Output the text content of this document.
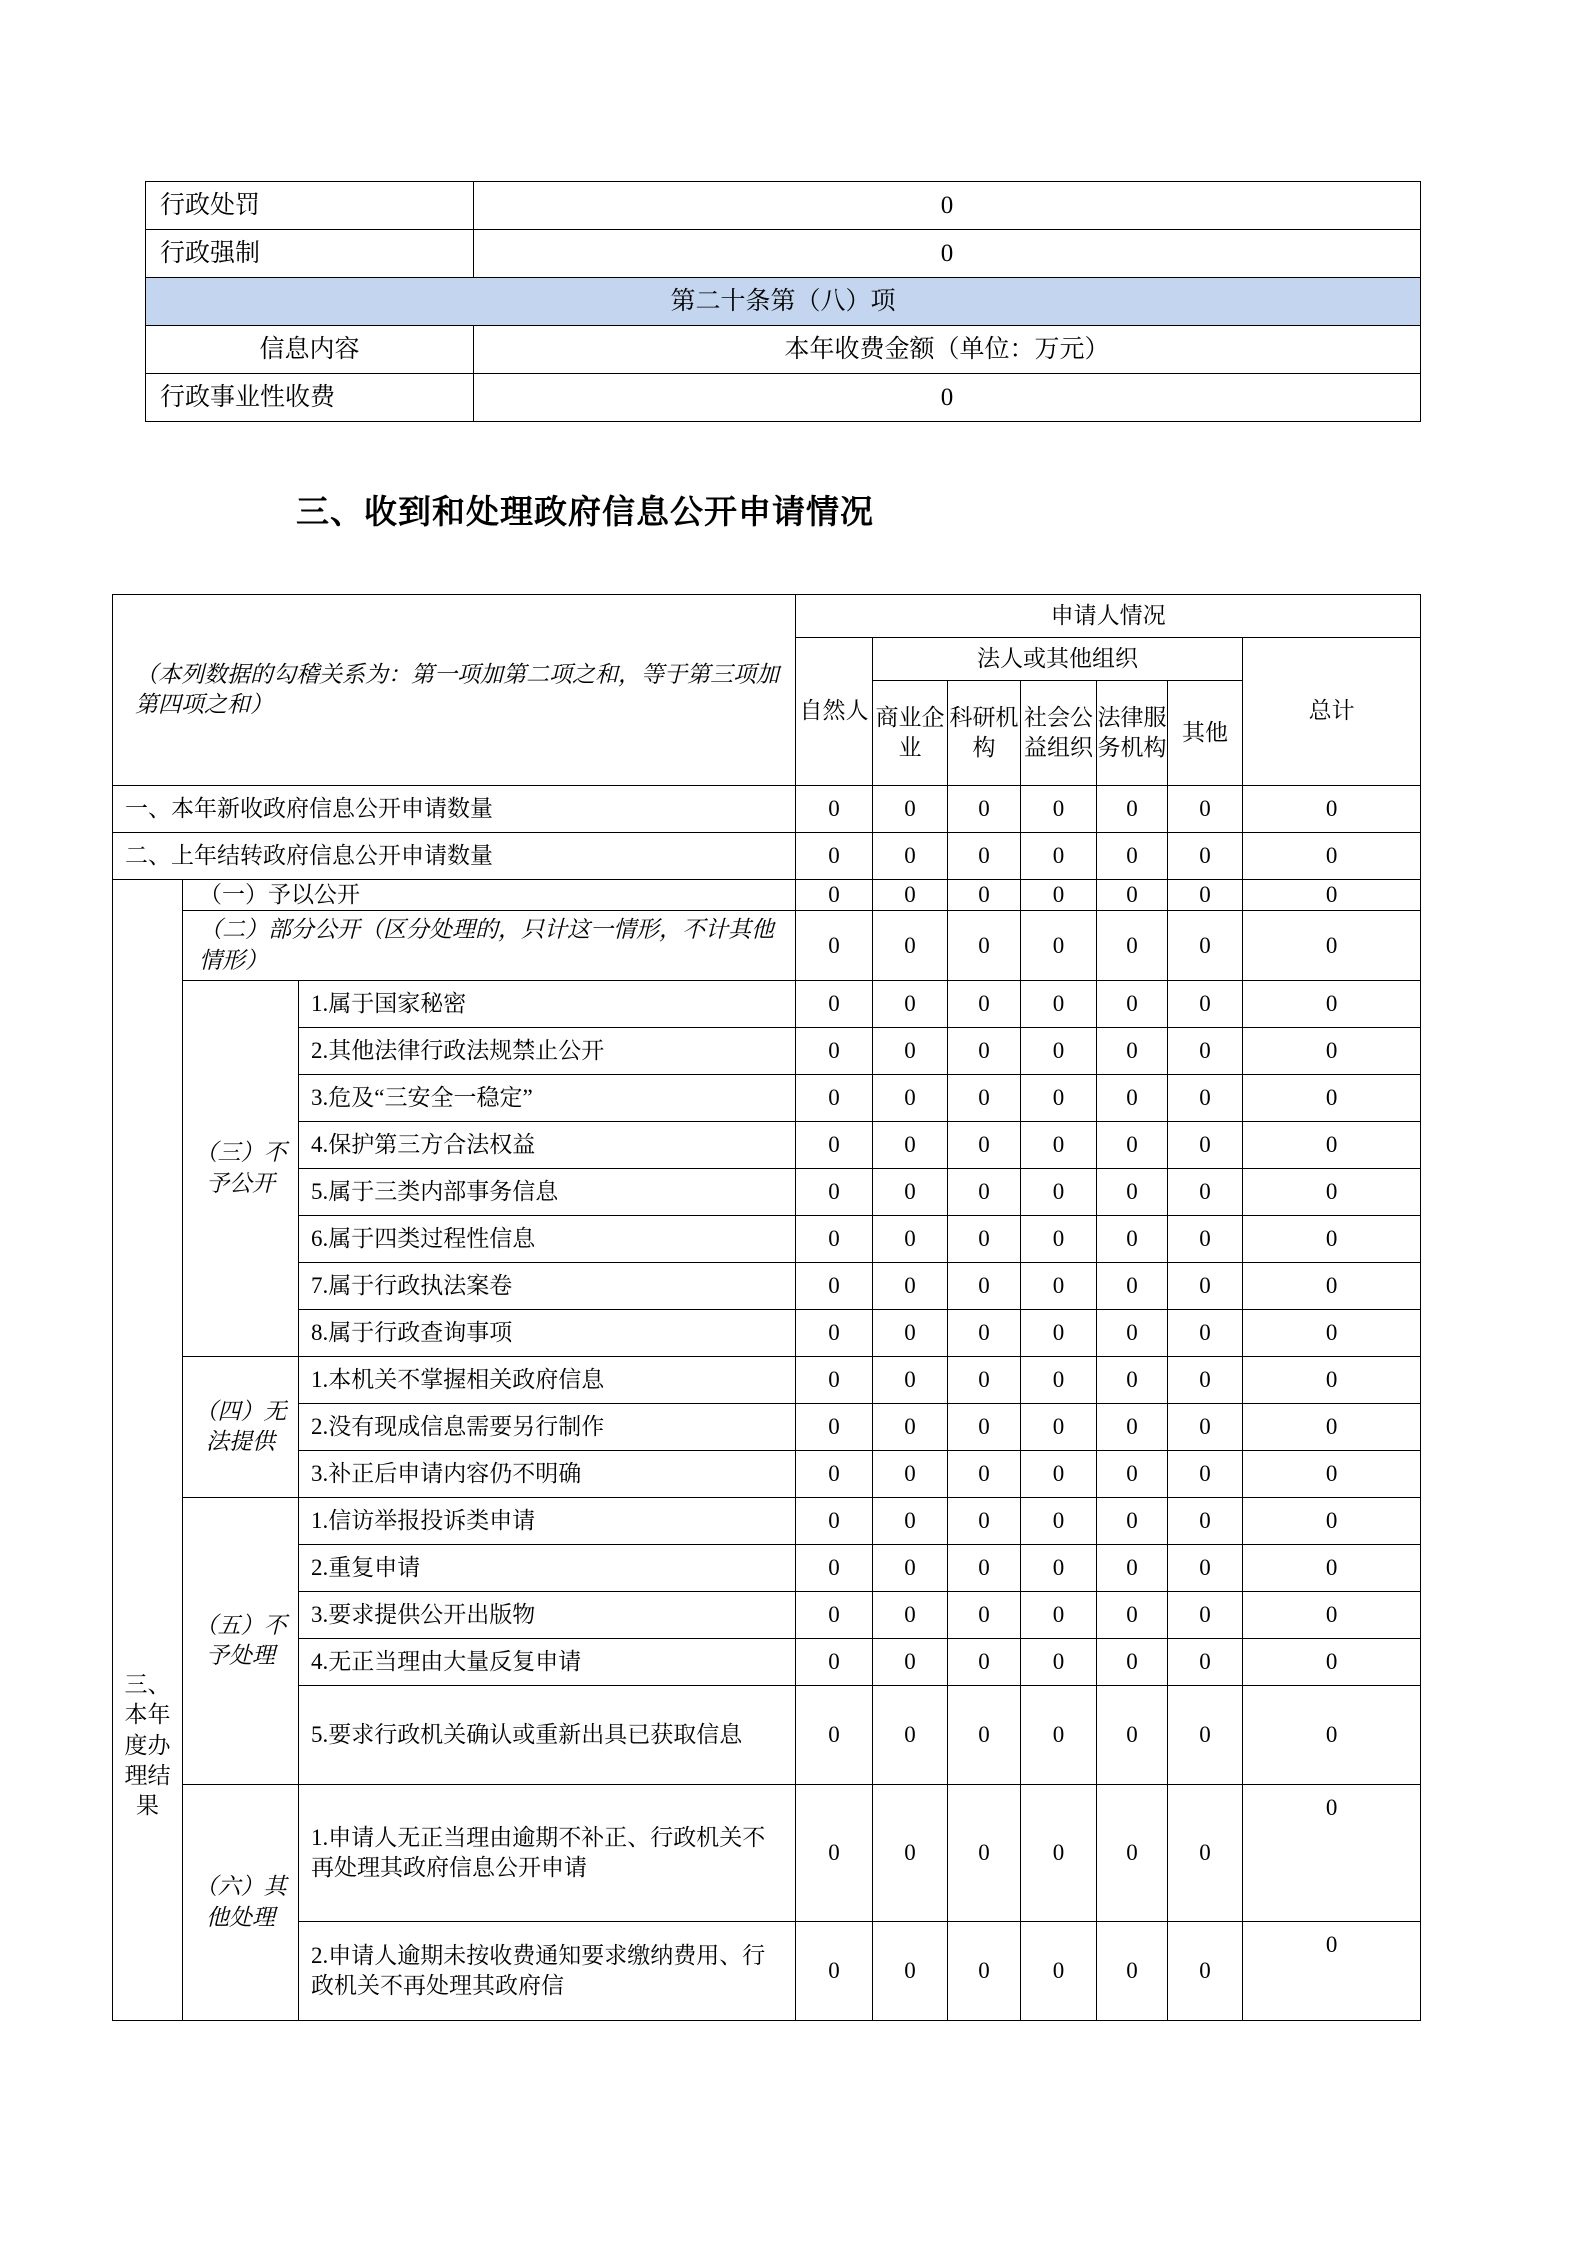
行政处罚	0
行政强制	0
第二十条第（八）项	
信息内容	本年收费金额（单位：万元）
行政事业性收费	0
三、收到和处理政府信息公开申请情况
（本列数据的勾稽关系为：第一项加第二项之和，等于第三项加第四项之和）			申请人情况						

			自然人	法人或其他组织					总计
				商业企业	科研机构	社会公益组织	法律服务机构	其他	
一、本年新收政府信息公开申请数量			0	0	0	0	0	0	0
二、上年结转政府信息公开申请数量			0	0	0	0	0	0	0

三、本年度办理结果	（一）予以公开		0	0	0	0	0	0	0
	（二）部分公开（区分处理的，只计这一情形，不计其他情形）		0	0	0	0	0	0	0
	（三）不予公开	1.属于国家秘密	0	0	0	0	0	0	0
		2.其他法律行政法规禁止公开	0	0	0	0	0	0	0
		3.危及“三安全一稳定”	0	0	0	0	0	0	0
		4.保护第三方合法权益	0	0	0	0	0	0	0
		5.属于三类内部事务信息	0	0	0	0	0	0	0
		6.属于四类过程性信息	0	0	0	0	0	0	0
		7.属于行政执法案卷	0	0	0	0	0	0	0
		8.属于行政查询事项	0	0	0	0	0	0	0
	（四）无法提供	1.本机关不掌握相关政府信息	0	0	0	0	0	0	0
		2.没有现成信息需要另行制作	0	0	0	0	0	0	0
		3.补正后申请内容仍不明确	0	0	0	0	0	0	0
	（五）不予处理	1.信访举报投诉类申请	0	0	0	0	0	0	0
		2.重复申请	0	0	0	0	0	0	0
		3.要求提供公开出版物	0	0	0	0	0	0	0
		4.无正当理由大量反复申请	0	0	0	0	0	0	0
		5.要求行政机关确认或重新出具已获取信息	0	0	0	0	0	0	0
	（六）其他处理	1.申请人无正当理由逾期不补正、行政机关不再处理其政府信息公开申请	0	0	0	0	0	0	0
		2.申请人逾期未按收费通知要求缴纳费用、行政机关不再处理其政府信	0	0	0	0	0	0	0
